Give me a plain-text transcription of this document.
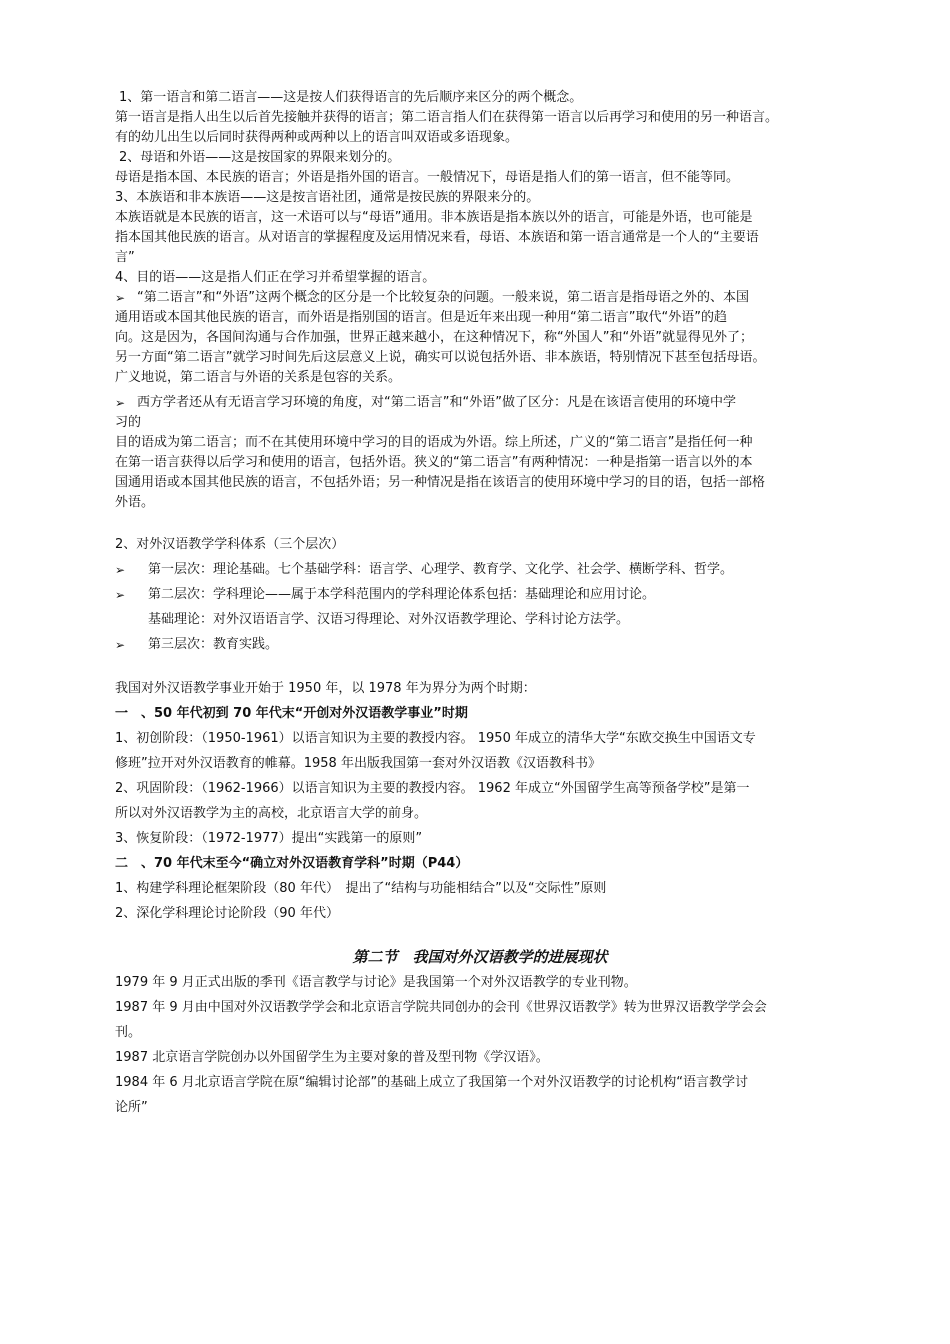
1、第一语言和第二语言——这是按人们获得语言的先后顺序来区分的两个概念。
第一语言是指人出生以后首先接触并获得的语言；第二语言指人们在获得第一语言以后再学习和使用的另一种语言。
有的幼儿出生以后同时获得两种或两种以上的语言叫双语或多语现象。
2、母语和外语——这是按国家的界限来划分的。
母语是指本国、本民族的语言；外语是指外国的语言。一般情况下，母语是指人们的第一语言，但不能等同。
3、本族语和非本族语——这是按言语社团，通常是按民族的界限来分的。
本族语就是本民族的语言，这一术语可以与“母语”通用。非本族语是指本族以外的语言，可能是外语，也可能是
指本国其他民族的语言。从对语言的掌握程度及运用情况来看，母语、本族语和第一语言通常是一个人的“主要语
言”
4、目的语——这是指人们正在学习并希望掌握的语言。
➢ “第二语言”和“外语”这两个概念的区分是一个比较复杂的问题。一般来说，第二语言是指母语之外的、本国
通用语或本国其他民族的语言，而外语是指别国的语言。但是近年来出现一种用“第二语言”取代“外语”的趋
向。这是因为，各国间沟通与合作加强，世界正越来越小，在这种情况下，称“外国人”和“外语”就显得见外了；
另一方面“第二语言”就学习时间先后这层意义上说，确实可以说包括外语、非本族语，特别情况下甚至包括母语。
广义地说，第二语言与外语的关系是包容的关系。
➢ 西方学者还从有无语言学习环境的角度，对“第二语言”和“外语”做了区分：凡是在该语言使用的环境中学
习的
目的语成为第二语言；而不在其使用环境中学习的目的语成为外语。综上所述，广义的“第二语言”是指任何一种
在第一语言获得以后学习和使用的语言，包括外语。狭义的“第二语言”有两种情况：一种是指第一语言以外的本
国通用语或本国其他民族的语言，不包括外语；另一种情况是指在该语言的使用环境中学习的目的语，包括一部格
外语。
2、对外汉语教学学科体系（三个层次）
➢	第一层次：理论基础。七个基础学科：语言学、心理学、教育学、文化学、社会学、横断学科、哲学。
➢	第二层次：学科理论——属于本学科范围内的学科理论体系包括：基础理论和应用讨论。
基础理论：对外汉语语言学、汉语习得理论、对外汉语教学理论、学科讨论方法学。
➢	第三层次：教育实践。
我国对外汉语教学事业开始于 1950 年，以 1978 年为界分为两个时期：
一　、50 年代初到 70 年代末“开创对外汉语教学事业”时期
1、初创阶段：（1950-1961）以语言知识为主要的教授内容。 1950 年成立的清华大学“东欧交换生中国语文专
修班”拉开对外汉语教育的帷幕。1958 年出版我国第一套对外汉语教《汉语教科书》
2、巩固阶段：（1962-1966）以语言知识为主要的教授内容。 1962 年成立“外国留学生高等预备学校”是第一
所以对外汉语教学为主的高校，北京语言大学的前身。
3、恢复阶段：（1972-1977）提出“实践第一的原则”
二　、70 年代末至今“确立对外汉语教育学科”时期（P44）
1、构建学科理论框架阶段（80 年代）　提出了“结构与功能相结合”以及“交际性”原则
2、深化学科理论讨论阶段（90 年代）
第二节　我国对外汉语教学的进展现状
1979 年 9 月正式出版的季刊《语言教学与讨论》是我国第一个对外汉语教学的专业刊物。
1987 年 9 月由中国对外汉语教学学会和北京语言学院共同创办的会刊《世界汉语教学》转为世界汉语教学学会会
刊。
1987 北京语言学院创办以外国留学生为主要对象的普及型刊物《学汉语》。
1984 年 6 月北京语言学院在原“编辑讨论部”的基础上成立了我国第一个对外汉语教学的讨论机构“语言教学讨
论所”
